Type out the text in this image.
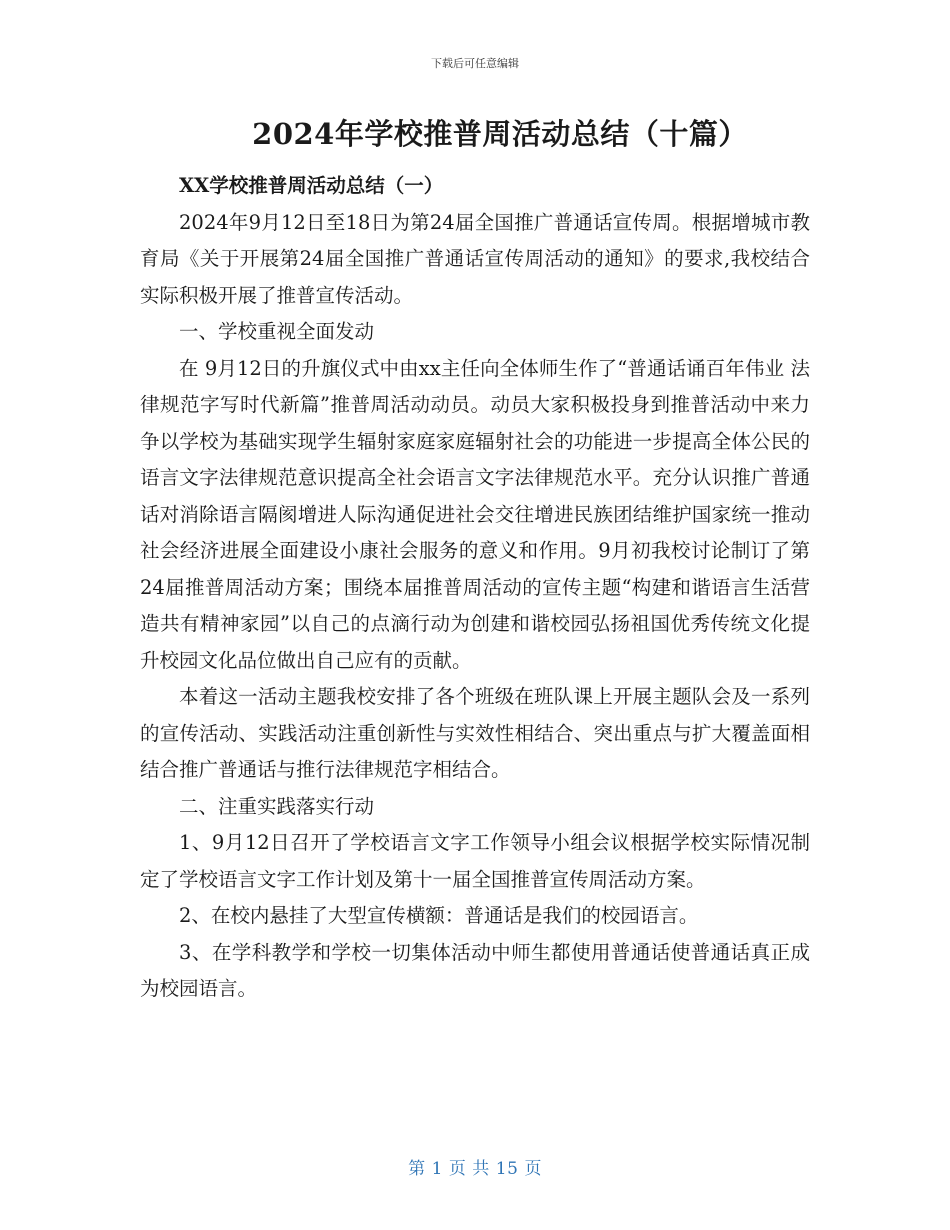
下载后可任意编辑
2024年学校推普周活动总结（十篇）

XX学校推普周活动总结（一）

2024年9月12日至18日为第24届全国推广普通话宣传周。根据增城市教育局《关于开展第24届全国推广普通话宣传周活动的通知》的要求,我校结合实际积极开展了推普宣传活动。

一、学校重视全面发动

在 9月12日的升旗仪式中由xx主任向全体师生作了“普通话诵百年伟业 法律规范字写时代新篇”推普周活动动员。动员大家积极投身到推普活动中来力争以学校为基础实现学生辐射家庭家庭辐射社会的功能进一步提高全体公民的语言文字法律规范意识提高全社会语言文字法律规范水平。充分认识推广普通话对消除语言隔阂增进人际沟通促进社会交往增进民族团结维护国家统一推动社会经济进展全面建设小康社会服务的意义和作用。9月初我校讨论制订了第24届推普周活动方案；围绕本届推普周活动的宣传主题“构建和谐语言生活营造共有精神家园”以自己的点滴行动为创建和谐校园弘扬祖国优秀传统文化提升校园文化品位做出自己应有的贡献。

本着这一活动主题我校安排了各个班级在班队课上开展主题队会及一系列的宣传活动、实践活动注重创新性与实效性相结合、突出重点与扩大覆盖面相结合推广普通话与推行法律规范字相结合。

二、注重实践落实行动

1、9月12日召开了学校语言文字工作领导小组会议根据学校实际情况制定了学校语言文字工作计划及第十一届全国推普宣传周活动方案。

2、在校内悬挂了大型宣传横额：普通话是我们的校园语言。

3、在学科教学和学校一切集体活动中师生都使用普通话使普通话真正成为校园语言。

第 1 页 共 15 页
